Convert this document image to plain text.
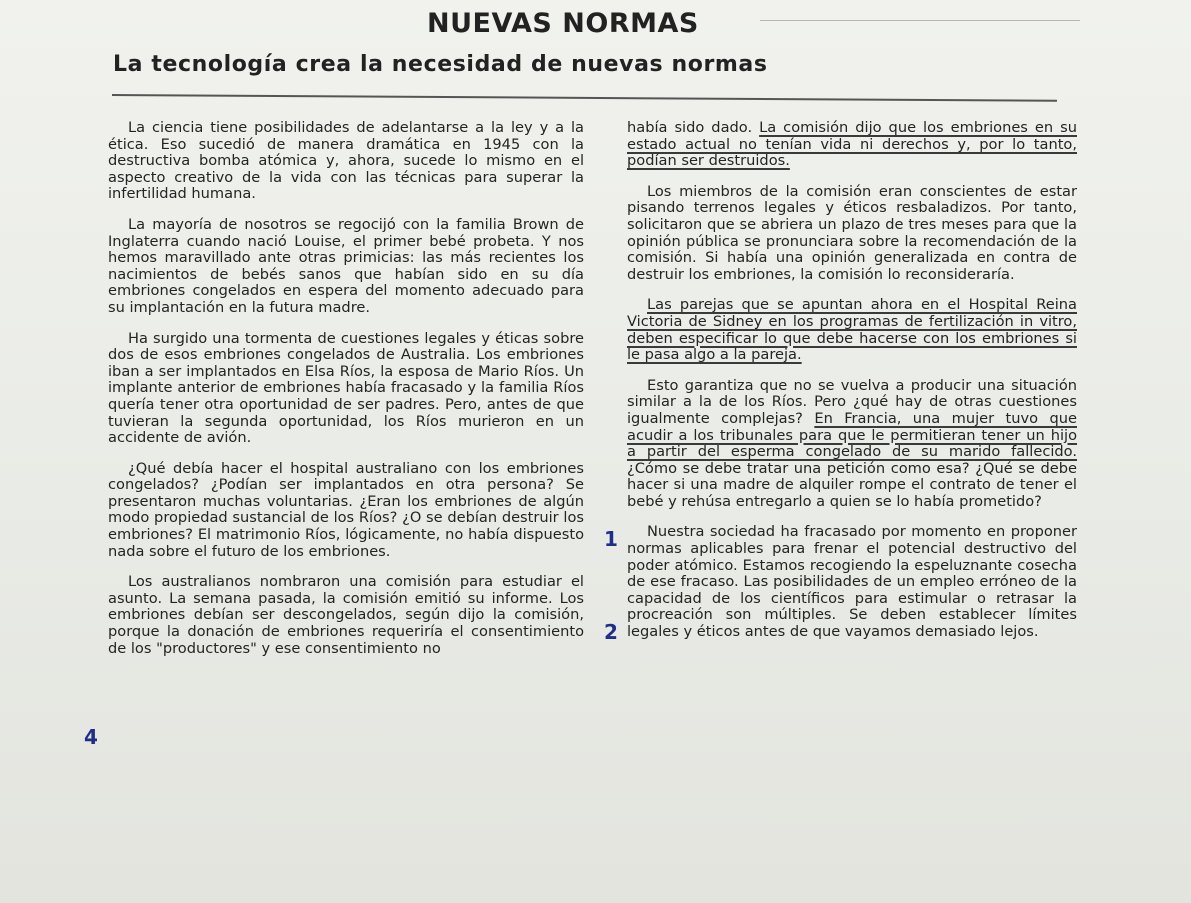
NUEVAS NORMAS
La tecnología crea la necesidad de nuevas normas

La ciencia tiene posibilidades de adelantarse a la ley y a la ética. Eso sucedió de manera dramática en 1945 con la destructiva bomba atómica y, ahora, sucede lo mismo en el aspecto creativo de la vida con las técnicas para superar la infertilidad humana.

La mayoría de nosotros se regocijó con la familia Brown de Inglaterra cuando nació Louise, el primer bebé probeta. Y nos hemos maravillado ante otras primicias: las más recientes los nacimientos de bebés sanos que habían sido en su día embriones congelados en espera del momento adecuado para su implantación en la futura madre.

Ha surgido una tormenta de cuestiones legales y éticas sobre dos de esos embriones congelados de Australia. Los embriones iban a ser implantados en Elsa Ríos, la esposa de Mario Ríos. Un implante anterior de embriones había fracasado y la familia Ríos quería tener otra oportunidad de ser padres. Pero, antes de que tuvieran la segunda oportunidad, los Ríos murieron en un accidente de avión.

¿Qué debía hacer el hospital australiano con los embriones congelados? ¿Podían ser implantados en otra persona? Se presentaron muchas voluntarias. ¿Eran los embriones de algún modo propiedad sustancial de los Ríos? ¿O se debían destruir los embriones? El matrimonio Ríos, lógicamente, no había dispuesto nada sobre el futuro de los embriones.

Los australianos nombraron una comisión para estudiar el asunto. La semana pasada, la comisión emitió su informe. Los embriones debían ser descongelados, según dijo la comisión, porque la donación de embriones requeriría el consentimiento de los "productores" y ese consentimiento no

había sido dado. La comisión dijo que los embriones en su estado actual no tenían vida ni derechos y, por lo tanto, podían ser destruidos.

Los miembros de la comisión eran conscientes de estar pisando terrenos legales y éticos resbaladizos. Por tanto, solicitaron que se abriera un plazo de tres meses para que la opinión pública se pronunciara sobre la recomendación de la comisión. Si había una opinión generalizada en contra de destruir los embriones, la comisión lo reconsideraría.

Las parejas que se apuntan ahora en el Hospital Reina Victoria de Sidney en los programas de fertilización in vitro, deben especificar lo que debe hacerse con los embriones si le pasa algo a la pareja.

Esto garantiza que no se vuelva a producir una situación similar a la de los Ríos. Pero ¿qué hay de otras cuestiones igualmente complejas? En Francia, una mujer tuvo que acudir a los tribunales para que le permitieran tener un hijo a partir del esperma congelado de su marido fallecido. ¿Cómo se debe tratar una petición como esa? ¿Qué se debe hacer si una madre de alquiler rompe el contrato de tener el bebé y rehúsa entregarlo a quien se lo había prometido?

Nuestra sociedad ha fracasado por momento en proponer normas aplicables para frenar el potencial destructivo del poder atómico. Estamos recogiendo la espeluznante cosecha de ese fracaso. Las posibilidades de un empleo erróneo de la capacidad de los científicos para estimular o retrasar la procreación son múltiples. Se deben establecer límites legales y éticos antes de que vayamos demasiado lejos.

1
2
4
